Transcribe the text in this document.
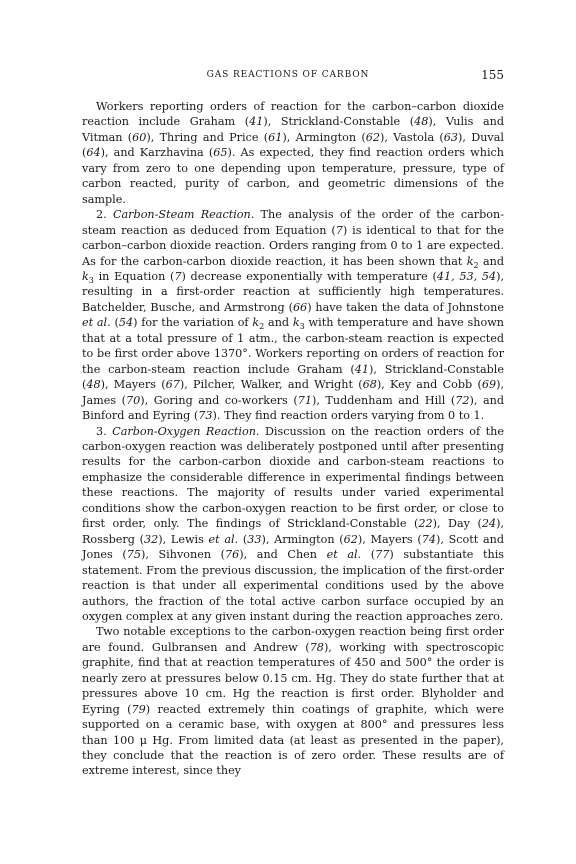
GAS REACTIONS OF CARBON	155

Workers reporting orders of reaction for the carbon–carbon dioxide reaction include Graham (41), Strickland-Constable (48), Vulis and Vitman (60), Thring and Price (61), Armington (62), Vastola (63), Duval (64), and Karzhavina (65). As expected, they find reaction orders which vary from zero to one depending upon temperature, pressure, type of carbon reacted, purity of carbon, and geometric dimensions of the sample.

2. Carbon-Steam Reaction. The analysis of the order of the carbon-steam reaction as deduced from Equation (7) is identical to that for the carbon–carbon dioxide reaction. Orders ranging from 0 to 1 are expected. As for the carbon-carbon dioxide reaction, it has been shown that $k_2$ and $k_3$ in Equation (7) decrease exponentially with temperature (41, 53, 54), resulting in a first-order reaction at sufficiently high temperatures. Batchelder, Busche, and Armstrong (66) have taken the data of Johnstone et al. (54) for the variation of $k_2$ and $k_3$ with temperature and have shown that at a total pressure of 1 atm., the carbon-steam reaction is expected to be first order above 1370°. Workers reporting on orders of reaction for the carbon-steam reaction include Graham (41), Strickland-Constable (48), Mayers (67), Pilcher, Walker, and Wright (68), Key and Cobb (69), James (70), Goring and co-workers (71), Tuddenham and Hill (72), and Binford and Eyring (73). They find reaction orders varying from 0 to 1.

3. Carbon-Oxygen Reaction. Discussion on the reaction orders of the carbon-oxygen reaction was deliberately postponed until after presenting results for the carbon-carbon dioxide and carbon-steam reactions to emphasize the considerable difference in experimental findings between these reactions. The majority of results under varied experimental conditions show the carbon-oxygen reaction to be first order, or close to first order, only. The findings of Strickland-Constable (22), Day (24), Rossberg (32), Lewis et al. (33), Armington (62), Mayers (74), Scott and Jones (75), Sihvonen (76), and Chen et al. (77) substantiate this statement. From the previous discussion, the implication of the first-order reaction is that under all experimental conditions used by the above authors, the fraction of the total active carbon surface occupied by an oxygen complex at any given instant during the reaction approaches zero.

Two notable exceptions to the carbon-oxygen reaction being first order are found. Gulbransen and Andrew (78), working with spectroscopic graphite, find that at reaction temperatures of 450 and 500° the order is nearly zero at pressures below 0.15 cm. Hg. They do state further that at pressures above 10 cm. Hg the reaction is first order. Blyholder and Eyring (79) reacted extremely thin coatings of graphite, which were supported on a ceramic base, with oxygen at 800° and pressures less than 100 μ Hg. From limited data (at least as presented in the paper), they conclude that the reaction is of zero order. These results are of extreme interest, since they
